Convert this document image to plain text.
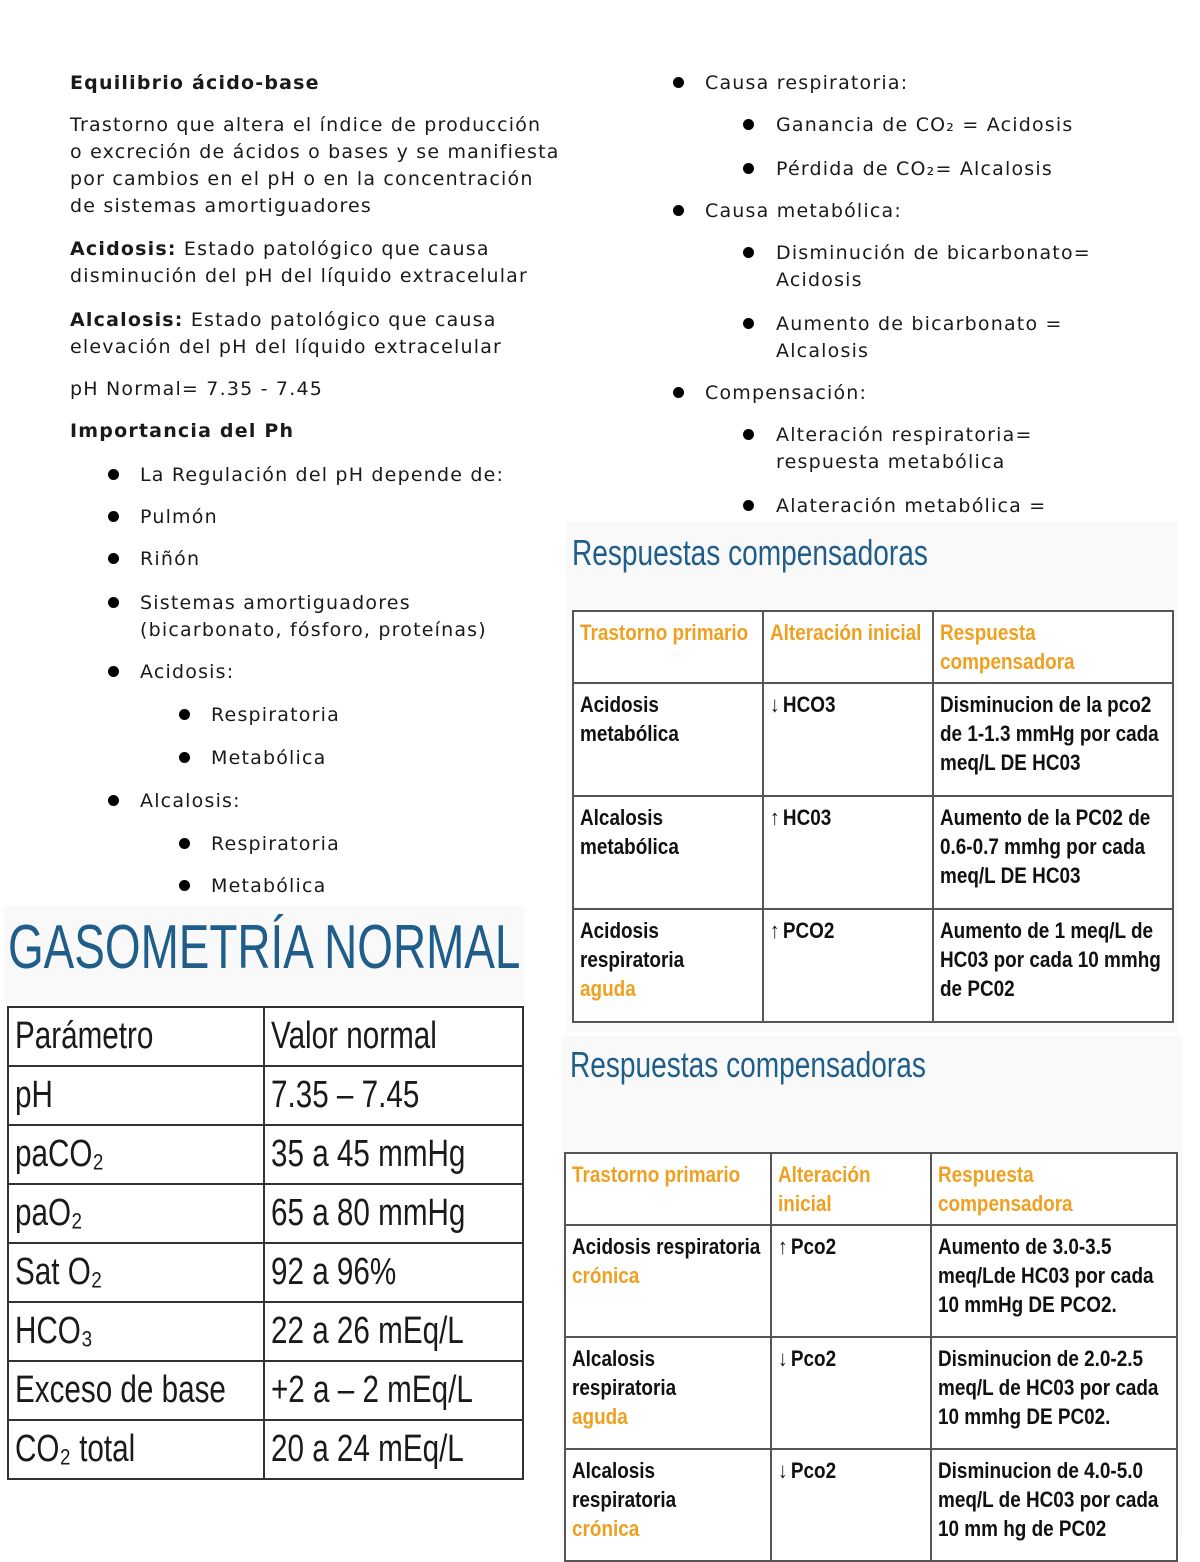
Equilibrio ácido-base
Trastorno que altera el índice de producción
o excreción de ácidos o bases y se manifiesta
por cambios en el pH o en la concentración
de sistemas amortiguadores
Acidosis: Estado patológico que causa
disminución del pH del líquido extracelular
Alcalosis: Estado patológico que causa
elevación del pH del líquido extracelular
pH Normal= 7.35 - 7.45
Importancia del Ph
La Regulación del pH depende de:
Pulmón
Riñón
Sistemas amortiguadores
(bicarbonato, fósforo, proteínas)
Acidosis:
Respiratoria
Metabólica
Alcalosis:
Respiratoria
Metabólica
Causa respiratoria:
Ganancia de CO₂ = Acidosis
Pérdida de CO₂= Alcalosis
Causa metabólica:
Disminución de bicarbonato=
Acidosis
Aumento de bicarbonato =
Alcalosis
Compensación:
Alteración respiratoria=
respuesta metabólica
Alateración metabólica =
GASOMETRÍA NORMAL
Parámetro	Valor normal
pH	7.35 – 7.45
paCO₂	35 a 45 mmHg
paO₂	65 a 80 mmHg
Sat O₂	92 a 96%
HCO₃	22 a 26 mEq/L
Exceso de base	+2 a – 2 mEq/L
CO₂ total	20 a 24 mEq/L
Respuestas compensadoras
Trastorno primario	Alteración inicial	Respuesta compensadora

Acidosis metabólica	↓ HCO3	Disminucion de la pco2 de 1-1.3 mmHg por cada meq/L DE HC03

Alcalosis metabólica	↑ HC03	Aumento de la PC02 de 0.6-0.7 mmhg por cada meq/L DE HC03

Acidosis respiratoria
aguda	↑ PCO2	Aumento de 1 meq/L de HC03 por cada 10 mmhg de PC02
Respuestas compensadoras
Trastorno primario	Alteración inicial	Respuesta compensadora

Acidosis respiratoria
crónica	↑ Pco2	Aumento de 3.0-3.5 meq/Lde HC03 por cada 10 mmHg DE PCO2.

Alcalosis respiratoria
aguda	↓ Pco2	Disminucion de 2.0-2.5 meq/L de HC03 por cada 10 mmhg DE PC02.

Alcalosis respiratoria
crónica	↓ Pco2	Disminucion de 4.0-5.0 meq/L de HC03 por cada 10 mm hg de PC02
